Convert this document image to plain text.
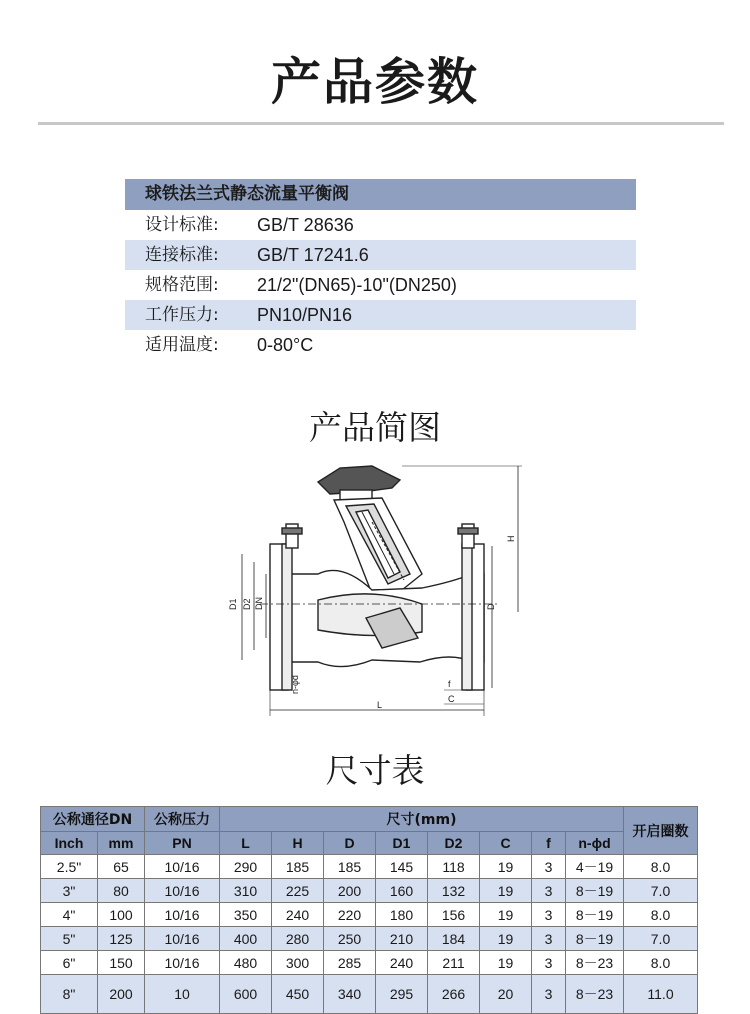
产品参数
球铁法兰式静态流量平衡阀
设计标准:	GB/T 28636
连接标准:	GB/T 17241.6
规格范围:	21/2"(DN65)-10"(DN250)
工作压力:	PN10/PN16
适用温度:	0-80°C
产品简图
D1 D2 DN	D
H
L
n-φd	f
C
尺寸表
公称通径DN		公称压力	尺寸(mm)								开启圈数
Inch	mm	PN	L	H	D	D1	D2	C	f	n-ϕd	
2.5"	65	10/16	290	185	185	145	118	19	3	4－19	8.0
3"	80	10/16	310	225	200	160	132	19	3	8－19	7.0
4"	100	10/16	350	240	220	180	156	19	3	8－19	8.0
5"	125	10/16	400	280	250	210	184	19	3	8－19	7.0
6"	150	10/16	480	300	285	240	211	19	3	8－23	8.0
8"	200	10	600	450	340	295	266	20	3	8－23	11.0
